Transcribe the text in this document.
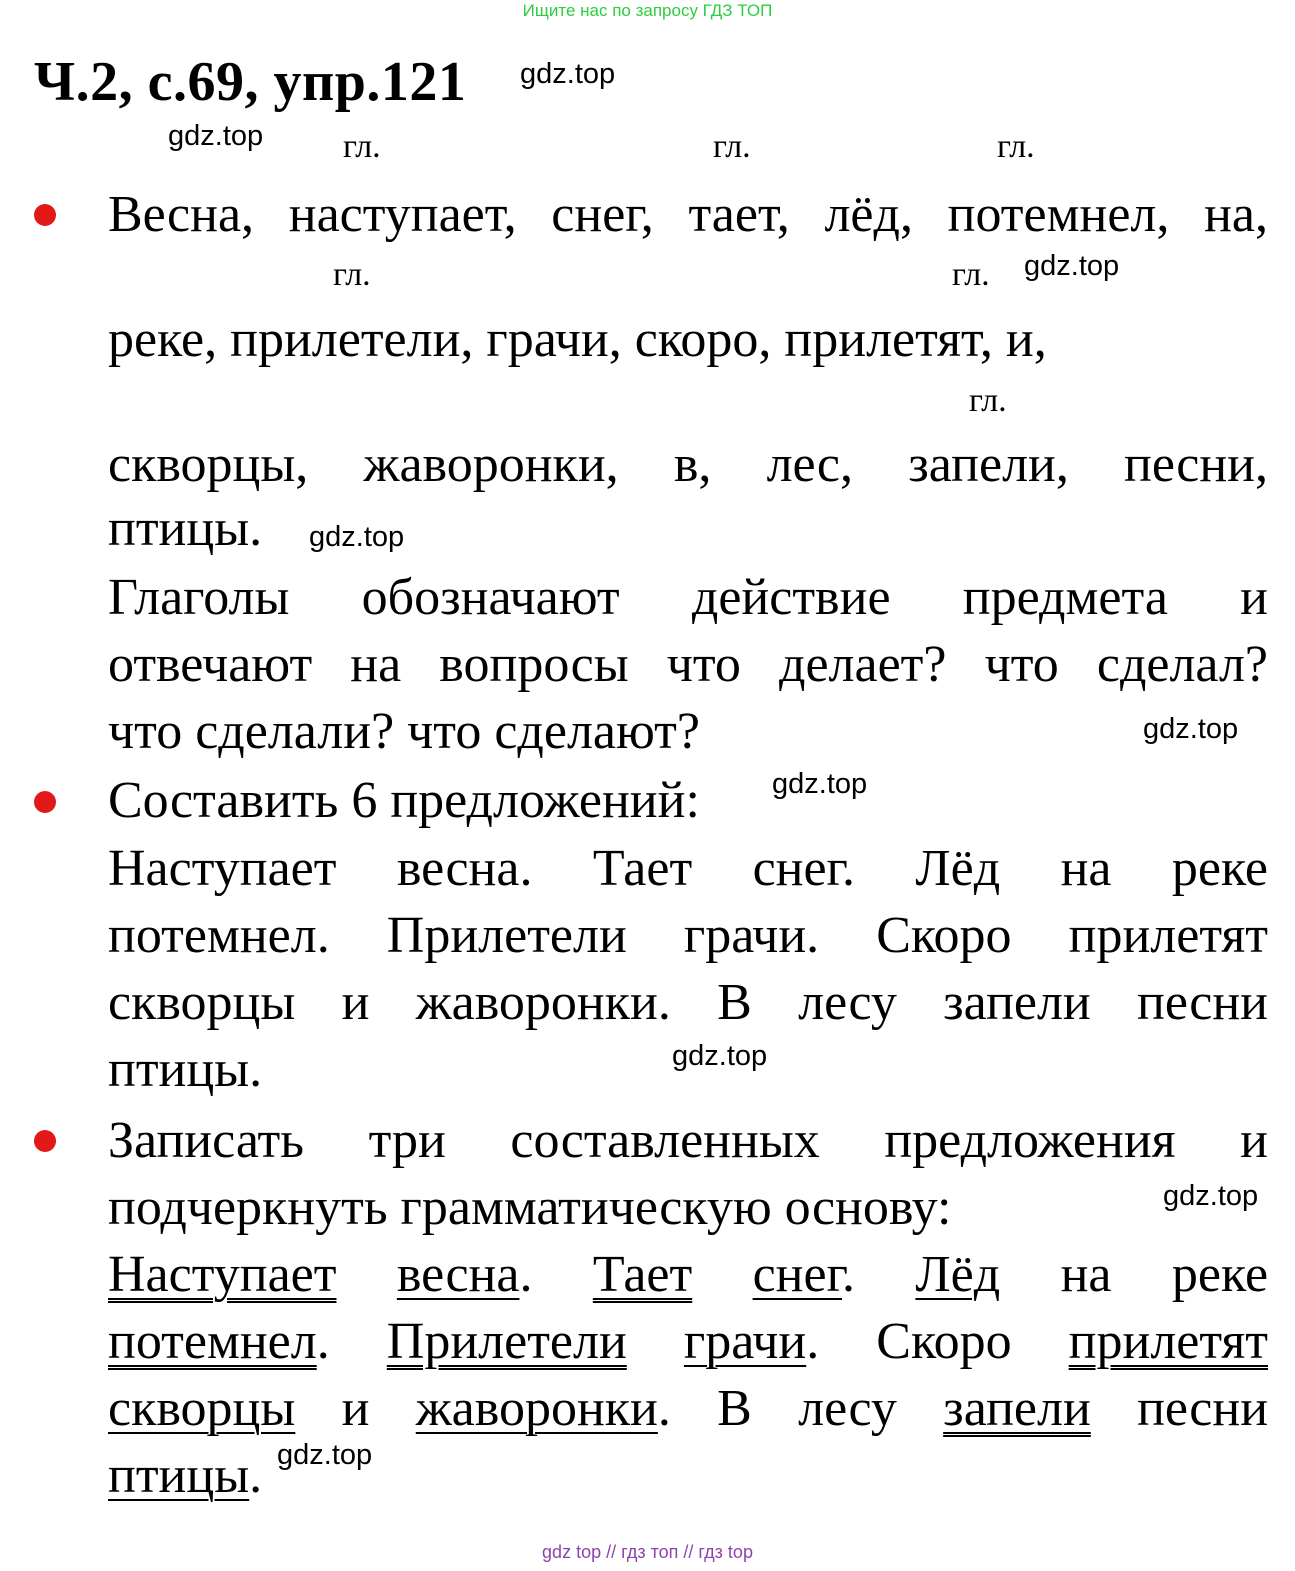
Ищите нас по запросу ГДЗ ТОП
Ч.2, с.69, упр.121 gdz.top
gdz.top гл.	гл.	гл.
Весна, наступает, снег, тает, лёд, потемнел, на,
гл.	гл. gdz.top
реке, прилетели, грачи, скоро, прилетят, и,
гл.
скворцы, жаворонки, в, лес, запели, песни,
птицы. gdz.top
Глаголы обозначают действие предмета и
отвечают на вопросы что делает? что сделал?
что сделали? что сделают?	gdz.top
Составить 6 предложений: gdz.top
Наступает весна. Тает снег. Лёд на реке
потемнел. Прилетели грачи. Скоро прилетят
скворцы и жаворонки. В лесу запели песни
птицы.	gdz.top
Записать три составленных предложения и
подчеркнуть грамматическую основу:	gdz.top
Наступает весна. Тает снег. Лёд на реке
потемнел. Прилетели грачи. Скоро прилетят
скворцы и жаворонки. В лесу запели песни
птицы. gdz.top
gdz top // гдз топ // гдз top
